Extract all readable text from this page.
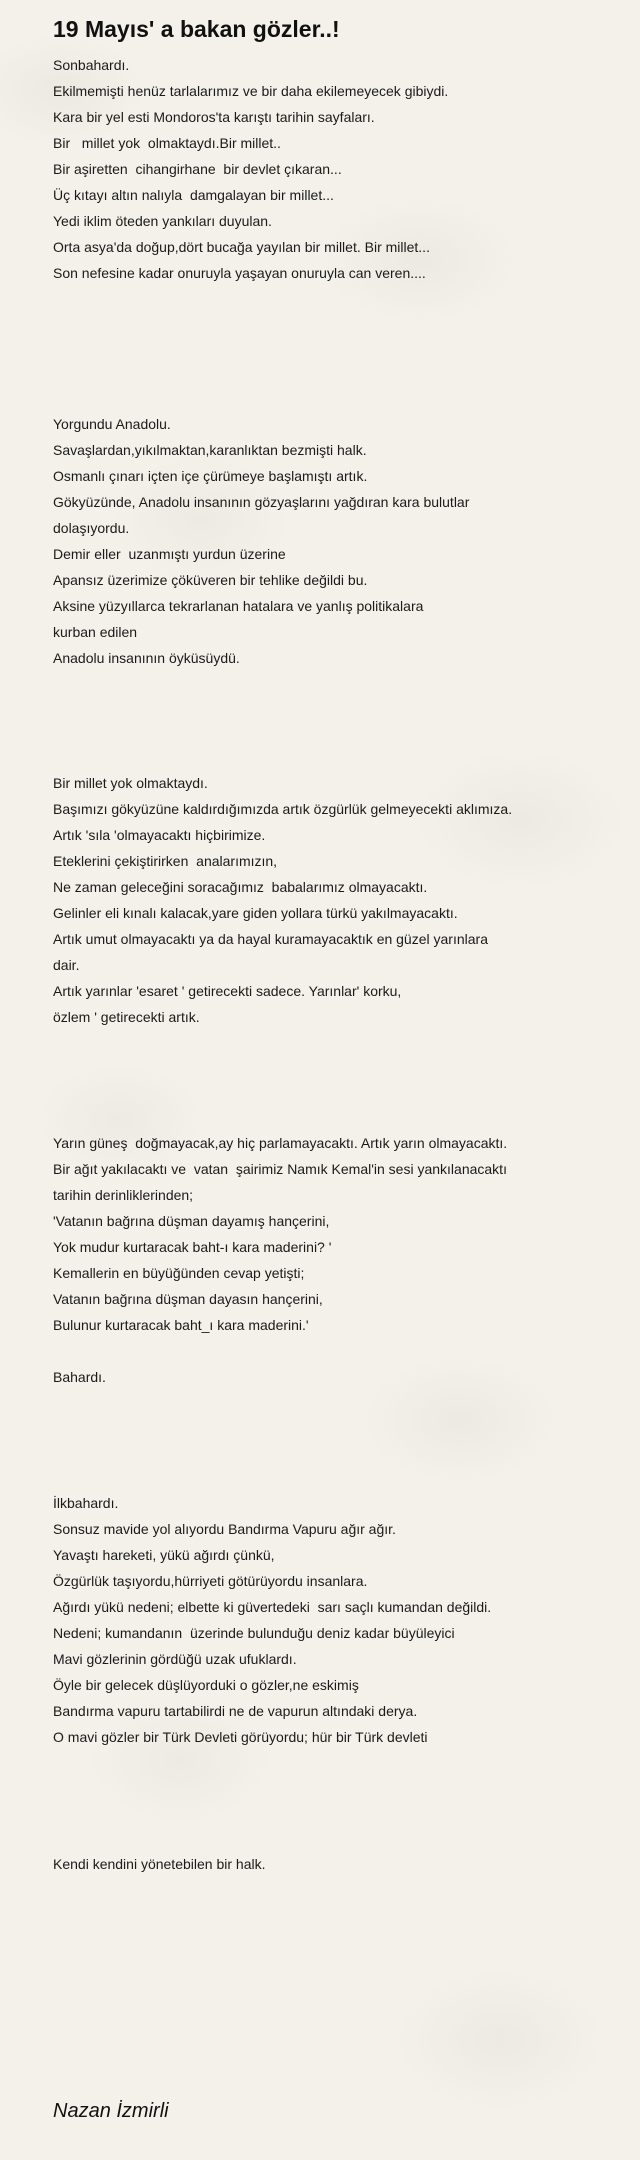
19 Mayıs' a bakan gözler..!
Sonbahardı.
Ekilmemişti henüz tarlalarımız ve bir daha ekilemeyecek gibiydi.
Kara bir yel esti Mondoros'ta karıştı tarihin sayfaları.
Bir   millet yok  olmaktaydı.Bir millet..
Bir aşiretten  cihangirhane  bir devlet çıkaran...
Üç kıtayı altın nalıyla  damgalayan bir millet...
Yedi iklim öteden yankıları duyulan.
Orta asya'da doğup,dört bucağa yayılan bir millet. Bir millet...
Son nefesine kadar onuruyla yaşayan onuruyla can veren....
Yorgundu Anadolu.
Savaşlardan,yıkılmaktan,karanlıktan bezmişti halk.
Osmanlı çınarı içten içe çürümeye başlamıştı artık.
Gökyüzünde, Anadolu insanının gözyaşlarını yağdıran kara bulutlar
dolaşıyordu.
Demir eller  uzanmıştı yurdun üzerine
Apansız üzerimize çöküveren bir tehlike değildi bu.
Aksine yüzyıllarca tekrarlanan hatalara ve yanlış politikalara
kurban edilen
Anadolu insanının öyküsüydü.
Bir millet yok olmaktaydı.
Başımızı gökyüzüne kaldırdığımızda artık özgürlük gelmeyecekti aklımıza.
Artık 'sıla 'olmayacaktı hiçbirimize.
Eteklerini çekiştirirken  analarımızın,
Ne zaman geleceğini soracağımız  babalarımız olmayacaktı.
Gelinler eli kınalı kalacak,yare giden yollara türkü yakılmayacaktı.
Artık umut olmayacaktı ya da hayal kuramayacaktık en güzel yarınlara
dair.
Artık yarınlar 'esaret ' getirecekti sadece. Yarınlar' korku,
özlem ' getirecekti artık.
Yarın güneş  doğmayacak,ay hiç parlamayacaktı. Artık yarın olmayacaktı.
Bir ağıt yakılacaktı ve  vatan  şairimiz Namık Kemal'in sesi yankılanacaktı
tarihin derinliklerinden;
'Vatanın bağrına düşman dayamış hançerini,
Yok mudur kurtaracak baht-ı kara maderini? '
Kemallerin en büyüğünden cevap yetişti;
Vatanın bağrına düşman dayasın hançerini,
Bulunur kurtaracak baht_ı kara maderini.'
Bahardı.
İlkbahardı.
Sonsuz mavide yol alıyordu Bandırma Vapuru ağır ağır.
Yavaştı hareketi, yükü ağırdı çünkü,
Özgürlük taşıyordu,hürriyeti götürüyordu insanlara.
Ağırdı yükü nedeni; elbette ki güvertedeki  sarı saçlı kumandan değildi.
Nedeni; kumandanın  üzerinde bulunduğu deniz kadar büyüleyici
Mavi gözlerinin gördüğü uzak ufuklardı.
Öyle bir gelecek düşlüyorduki o gözler,ne eskimiş
Bandırma vapuru tartabilirdi ne de vapurun altındaki derya.
O mavi gözler bir Türk Devleti görüyordu; hür bir Türk devleti
Kendi kendini yönetebilen bir halk.

Nazan İzmirli
